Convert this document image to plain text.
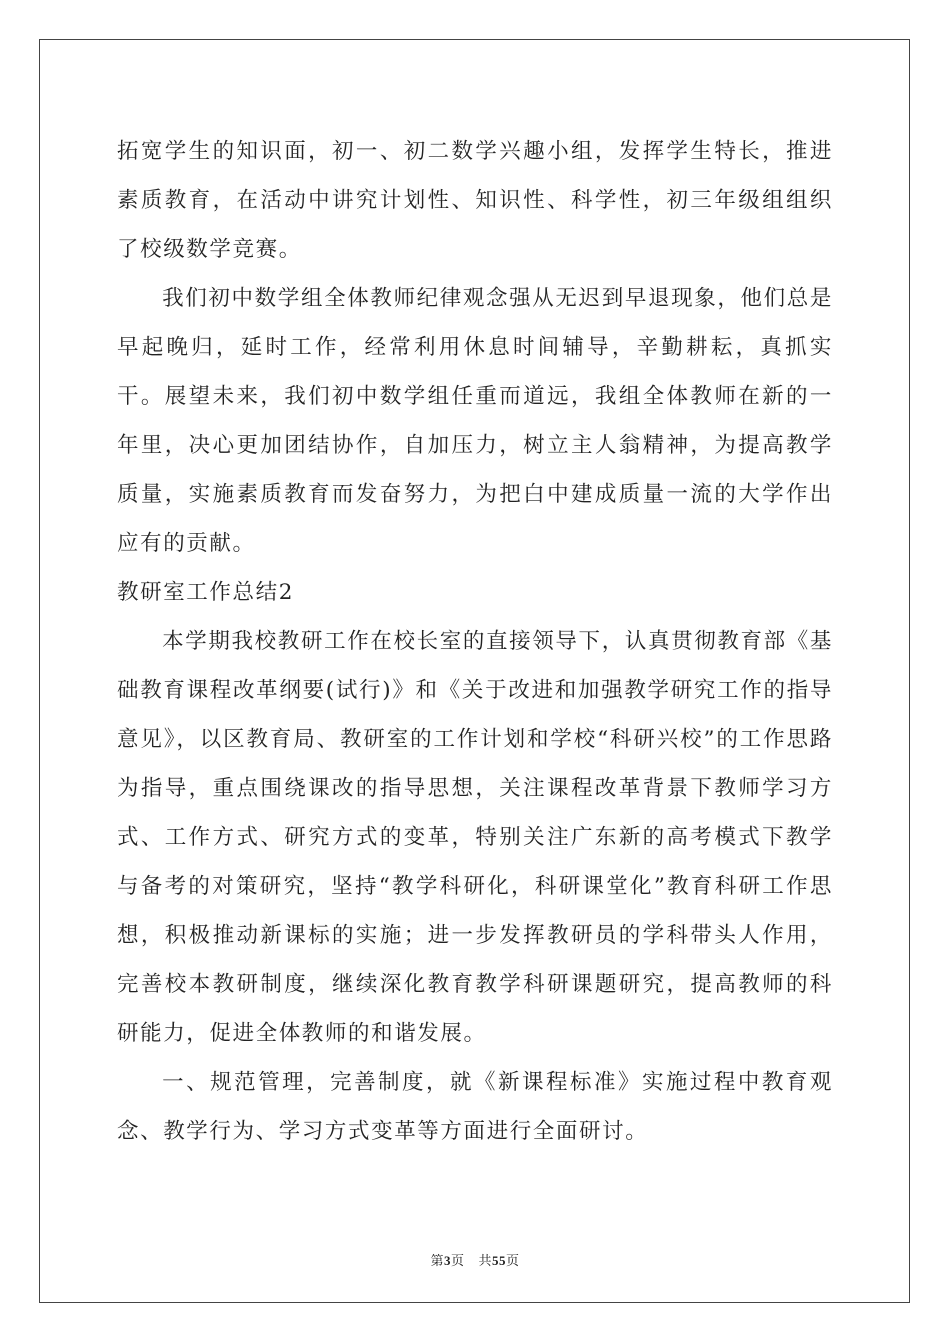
拓宽学生的知识面，初一、初二数学兴趣小组，发挥学生特长，推进素质教育，在活动中讲究计划性、知识性、科学性，初三年级组组织了校级数学竞赛。

我们初中数学组全体教师纪律观念强从无迟到早退现象，他们总是早起晚归，延时工作，经常利用休息时间辅导，辛勤耕耘，真抓实干。展望未来，我们初中数学组任重而道远，我组全体教师在新的一年里，决心更加团结协作，自加压力，树立主人翁精神，为提高教学质量，实施素质教育而发奋努力，为把白中建成质量一流的大学作出应有的贡献。

教研室工作总结2

本学期我校教研工作在校长室的直接领导下，认真贯彻教育部《基础教育课程改革纲要(试行)》和《关于改进和加强教学研究工作的指导意见》，以区教育局、教研室的工作计划和学校“科研兴校”的工作思路为指导，重点围绕课改的指导思想，关注课程改革背景下教师学习方式、工作方式、研究方式的变革，特别关注广东新的高考模式下教学与备考的对策研究，坚持“教学科研化，科研课堂化”教育科研工作思想，积极推动新课标的实施；进一步发挥教研员的学科带头人作用，完善校本教研制度，继续深化教育教学科研课题研究，提高教师的科研能力，促进全体教师的和谐发展。

一、规范管理，完善制度，就《新课程标准》实施过程中教育观念、教学行为、学习方式变革等方面进行全面研讨。

第3页 共55页
